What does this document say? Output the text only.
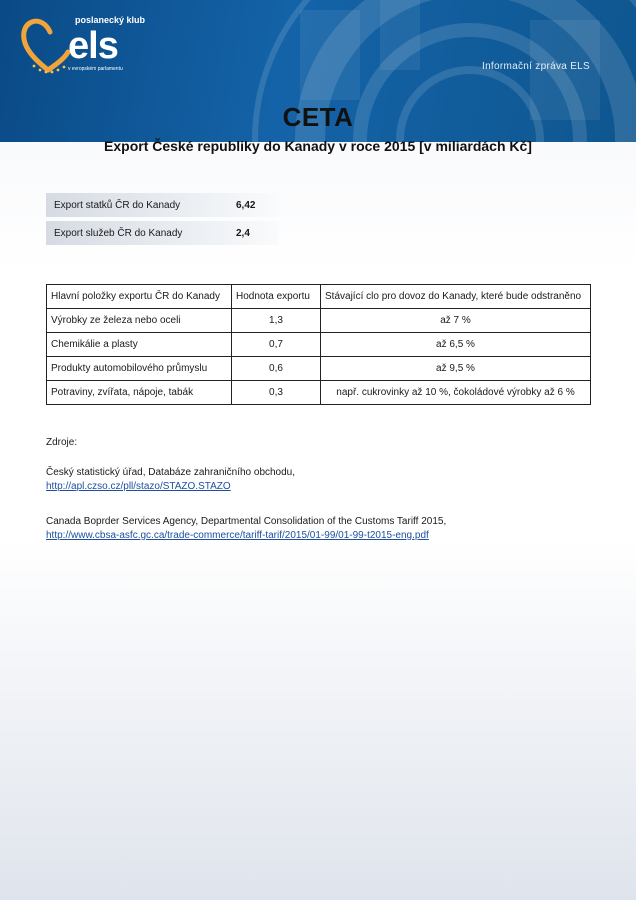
poslanecký klub
els
v evropském parlamentu	Informační zpráva ELS
CETA
Export České republiky do Kanady v roce 2015 [v miliardách Kč]
Export statků ČR do Kanady	6,42
Export služeb ČR do Kanady	2,4
Hlavní položky exportu ČR do Kanady	Hodnota exportu	Stávající clo pro dovoz do Kanady, které bude odstraněno
Výrobky ze železa nebo oceli	1,3	až 7 %
Chemikálie a plasty	0,7	až 6,5 %
Produkty automobilového průmyslu	0,6	až 9,5 %
Potraviny, zvířata, nápoje, tabák	0,3	např. cukrovinky až 10 %, čokoládové výrobky až 6 %

Zdroje:

Český statistický úřad, Databáze zahraničního obchodu,

http://apl.czso.cz/pll/stazo/STAZO.STAZO

Canada Boprder Services Agency, Departmental Consolidation of the Customs Tariff 2015,

http://www.cbsa-asfc.gc.ca/trade-commerce/tariff-tarif/2015/01-99/01-99-t2015-eng.pdf
